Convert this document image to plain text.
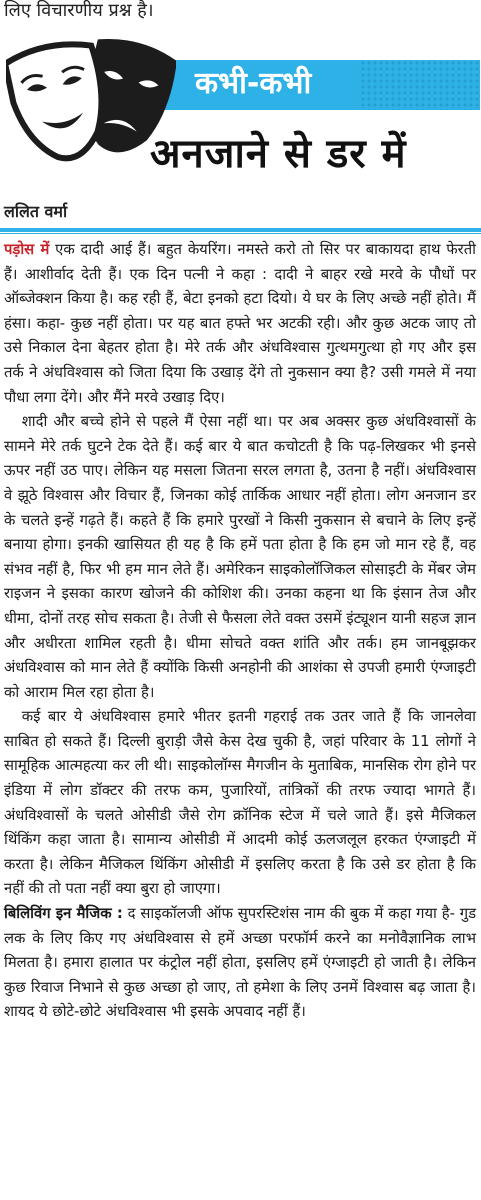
लिए विचारणीय प्रश्न है।
कभी-कभी
अनजाने से डर में
ललित वर्मा

पड़ोस में एक दादी आई हैं। बहुत केयरिंग। नमस्ते करो तो सिर पर बाकायदा हाथ फेरती हैं। आशीर्वाद देती हैं। एक दिन पत्नी ने कहा : दादी ने बाहर रखे मरवे के पौधों पर ऑब्जेक्शन किया है। कह रही हैं, बेटा इनको हटा दियो। ये घर के लिए अच्छे नहीं होते। मैं हंसा। कहा- कुछ नहीं होता। पर यह बात हफ्ते भर अटकी रही। और कुछ अटक जाए तो उसे निकाल देना बेहतर होता है। मेरे तर्क और अंधविश्वास गुत्थमगुत्था हो गए और इस तर्क ने अंधविश्वास को जिता दिया कि उखाड़ देंगे तो नुकसान क्या है? उसी गमले में नया पौधा लगा देंगे। और मैंने मरवे उखाड़ दिए।

शादी और बच्चे होने से पहले मैं ऐसा नहीं था। पर अब अक्सर कुछ अंधविश्वासों के सामने मेरे तर्क घुटने टेक देते हैं। कई बार ये बात कचोटती है कि पढ़-लिखकर भी इनसे ऊपर नहीं उठ पाए। लेकिन यह मसला जितना सरल लगता है, उतना है नहीं। अंधविश्वास वे झूठे विश्वास और विचार हैं, जिनका कोई तार्किक आधार नहीं होता। लोग अनजान डर के चलते इन्हें गढ़ते हैं। कहते हैं कि हमारे पुरखों ने किसी नुकसान से बचाने के लिए इन्हें बनाया होगा। इनकी खासियत ही यह है कि हमें पता होता है कि हम जो मान रहे हैं, वह संभव नहीं है, फिर भी हम मान लेते हैं। अमेरिकन साइकोलॉजिकल सोसाइटी के मेंबर जेम राइजन ने इसका कारण खोजने की कोशिश की। उनका कहना था कि इंसान तेज और धीमा, दोनों तरह सोच सकता है। तेजी से फैसला लेते वक्त उसमें इंट्यूशन यानी सहज ज्ञान और अधीरता शामिल रहती है। धीमा सोचते वक्त शांति और तर्क। हम जानबूझकर अंधविश्वास को मान लेते हैं क्योंकि किसी अनहोनी की आशंका से उपजी हमारी एंग्जाइटी को आराम मिल रहा होता है।

कई बार ये अंधविश्वास हमारे भीतर इतनी गहराई तक उतर जाते हैं कि जानलेवा साबित हो सकते हैं। दिल्ली बुराड़ी जैसे केस देख चुकी है, जहां परिवार के 11 लोगों ने सामूहिक आत्महत्या कर ली थी। साइकोलॉग्स मैगजीन के मुताबिक, मानसिक रोग होने पर इंडिया में लोग डॉक्टर की तरफ कम, पुजारियों, तांत्रिकों की तरफ ज्यादा भागते हैं। अंधविश्वासों के चलते ओसीडी जैसे रोग क्रॉनिक स्टेज में चले जाते हैं। इसे मैजिकल थिंकिंग कहा जाता है। सामान्य ओसीडी में आदमी कोई ऊलजलूल हरकत एंग्जाइटी में करता है। लेकिन मैजिकल थिंकिंग ओसीडी में इसलिए करता है कि उसे डर होता है कि नहीं की तो पता नहीं क्या बुरा हो जाएगा।

बिलिविंग इन मैजिक : द साइकॉलजी ऑफ सुपरस्टिशंस नाम की बुक में कहा गया है- गुड लक के लिए किए गए अंधविश्वास से हमें अच्छा परफॉर्म करने का मनोवैज्ञानिक लाभ मिलता है। हमारा हालात पर कंट्रोल नहीं होता, इसलिए हमें एंग्जाइटी हो जाती है। लेकिन कुछ रिवाज निभाने से कुछ अच्छा हो जाए, तो हमेशा के लिए उनमें विश्वास बढ़ जाता है। शायद ये छोटे-छोटे अंधविश्वास भी इसके अपवाद नहीं हैं।
